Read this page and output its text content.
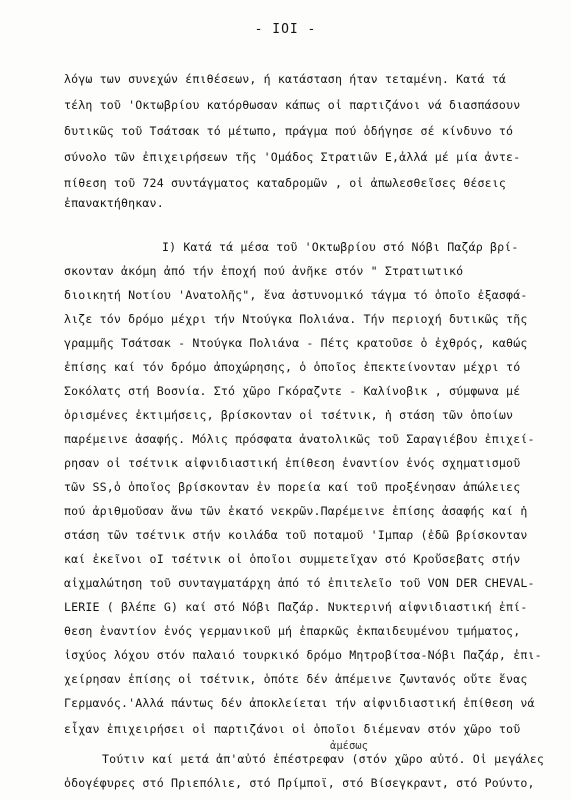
- IOI -
λόγω των συνεχών έπιθέσεων, ή κατάσταση ήταν τεταμένη. Κατά τά
τέλη τοῦ 'Οκτωβρίου κατόρθωσαν κάπως οἱ παρτιζάνοι νά διασπάσουν
δυτικῶς τοῦ Τσάτσακ τό μέτωπο, πράγμα πού ὁδήγησε σέ κίνδυνο τό
σύνολο τῶν ἐπιχειρήσεων τῆς 'Ομάδος Στρατιῶν Ε,ἀλλά μέ μία ἀντε-
πίθεση τοῦ 724 συντάγματος καταδρομῶν , οἱ ἀπωλεσθεῖσες θέσεις
ἐπανακτήθηκαν.
I) Κατά τά μέσα τοῦ 'Οκτωβρίου στό Νόβι Παζάρ βρί-
σκονταν ἀκόμη ἀπό τήν ἐποχή πού ἀνῆκε στόν " Στρατιωτικό
διοικητή Νοτίου 'Ανατολῆς", ἕνα ἀστυνομικό τάγμα τό ὁποῖο ἐξασφά-
λιζε τόν δρόμο μέχρι τήν Ντούγκα Πολιάνα. Τήν περιοχή δυτικῶς τῆς
γραμμῆς Τσάτσακ - Ντούγκα Πολιάνα - Πέτς κρατοῦσε ὁ ἐχθρός, καθώς
ἐπίσης καί τόν δρόμο ἀποχώρησης, ὁ ὁποῖος ἐπεκτείνονταν μέχρι τό
Σοκόλατς στή Βοσνία. Στό χῶρο Γκόραζντε - Καλίνοβικ , σύμφωνα μέ
ὁρισμένες ἐκτιμήσεις, βρίσκονταν οἱ τσέτνικ, ἡ στάση τῶν ὁποίων
παρέμεινε ἀσαφής. Μόλις πρόσφατα ἀνατολικῶς τοῦ Σαραγιέβου ἐπιχεί-
ρησαν οἱ τσέτνικ αἰφνιδιαστική ἐπίθεση ἐναντίον ἑνός σχηματισμοῦ
τῶν SS,ὁ ὁποῖος βρίσκονταν ἐν πορεία καί τοῦ προξένησαν ἀπώλειες
πού ἀριθμοῦσαν ἄνω τῶν ἑκατό νεκρῶν.Παρέμεινε ἐπίσης ἀσαφής καί ἡ
στάση τῶν τσέτνικ στήν κοιλάδα τοῦ ποταμοῦ 'Ιμπαρ (ἐδῶ βρίσκονταν
καί ἐκεῖνοι οΙ τσέτνικ οἱ ὁποῖοι συμμετεῖχαν στό Κροὔσεβατς στήν
αἰχμαλώτηση τοῦ συνταγματάρχη ἀπό τό ἐπιτελεῖο τοῦ VON DER CHEVAL-
LERIE ( βλέπε G) καί στό Νόβι Παζάρ. Νυκτερινή αἰφνιδιαστική ἐπί-
θεση ἐναντίον ἑνός γερμανικοῦ μή ἐπαρκῶς ἐκπαιδευμένου τμήματος,
ἰσχύος λόχου στόν παλαιό τουρκικό δρόμο Μητροβίτσα-Νόβι Παζάρ, ἐπι-
χείρησαν ἐπίσης οἱ τσέτνικ, ὁπότε δέν ἀπέμεινε ζωντανός οὔτε ἕνας
Γερμανός.'Αλλά πάντως δέν ἀποκλείεται τήν αἰφνιδιαστική ἐπίθεση νά
εἶχαν ἐπιχειρήσει οἱ παρτιζάνοι οἱ ὁποῖοι διέμεναν στόν χῶρο τοῦ
ἀμέσως
Τούτιν καί μετά ἀπ'αὐτό ἐπέστρεφαν (στόν χῶρο αὐτό. Οἱ μεγάλες
ὁδογέφυρες στό Πριεπόλιε, στό Πρίμποϊ, στό Βίσεγκραντ, στό Ρούντο,
